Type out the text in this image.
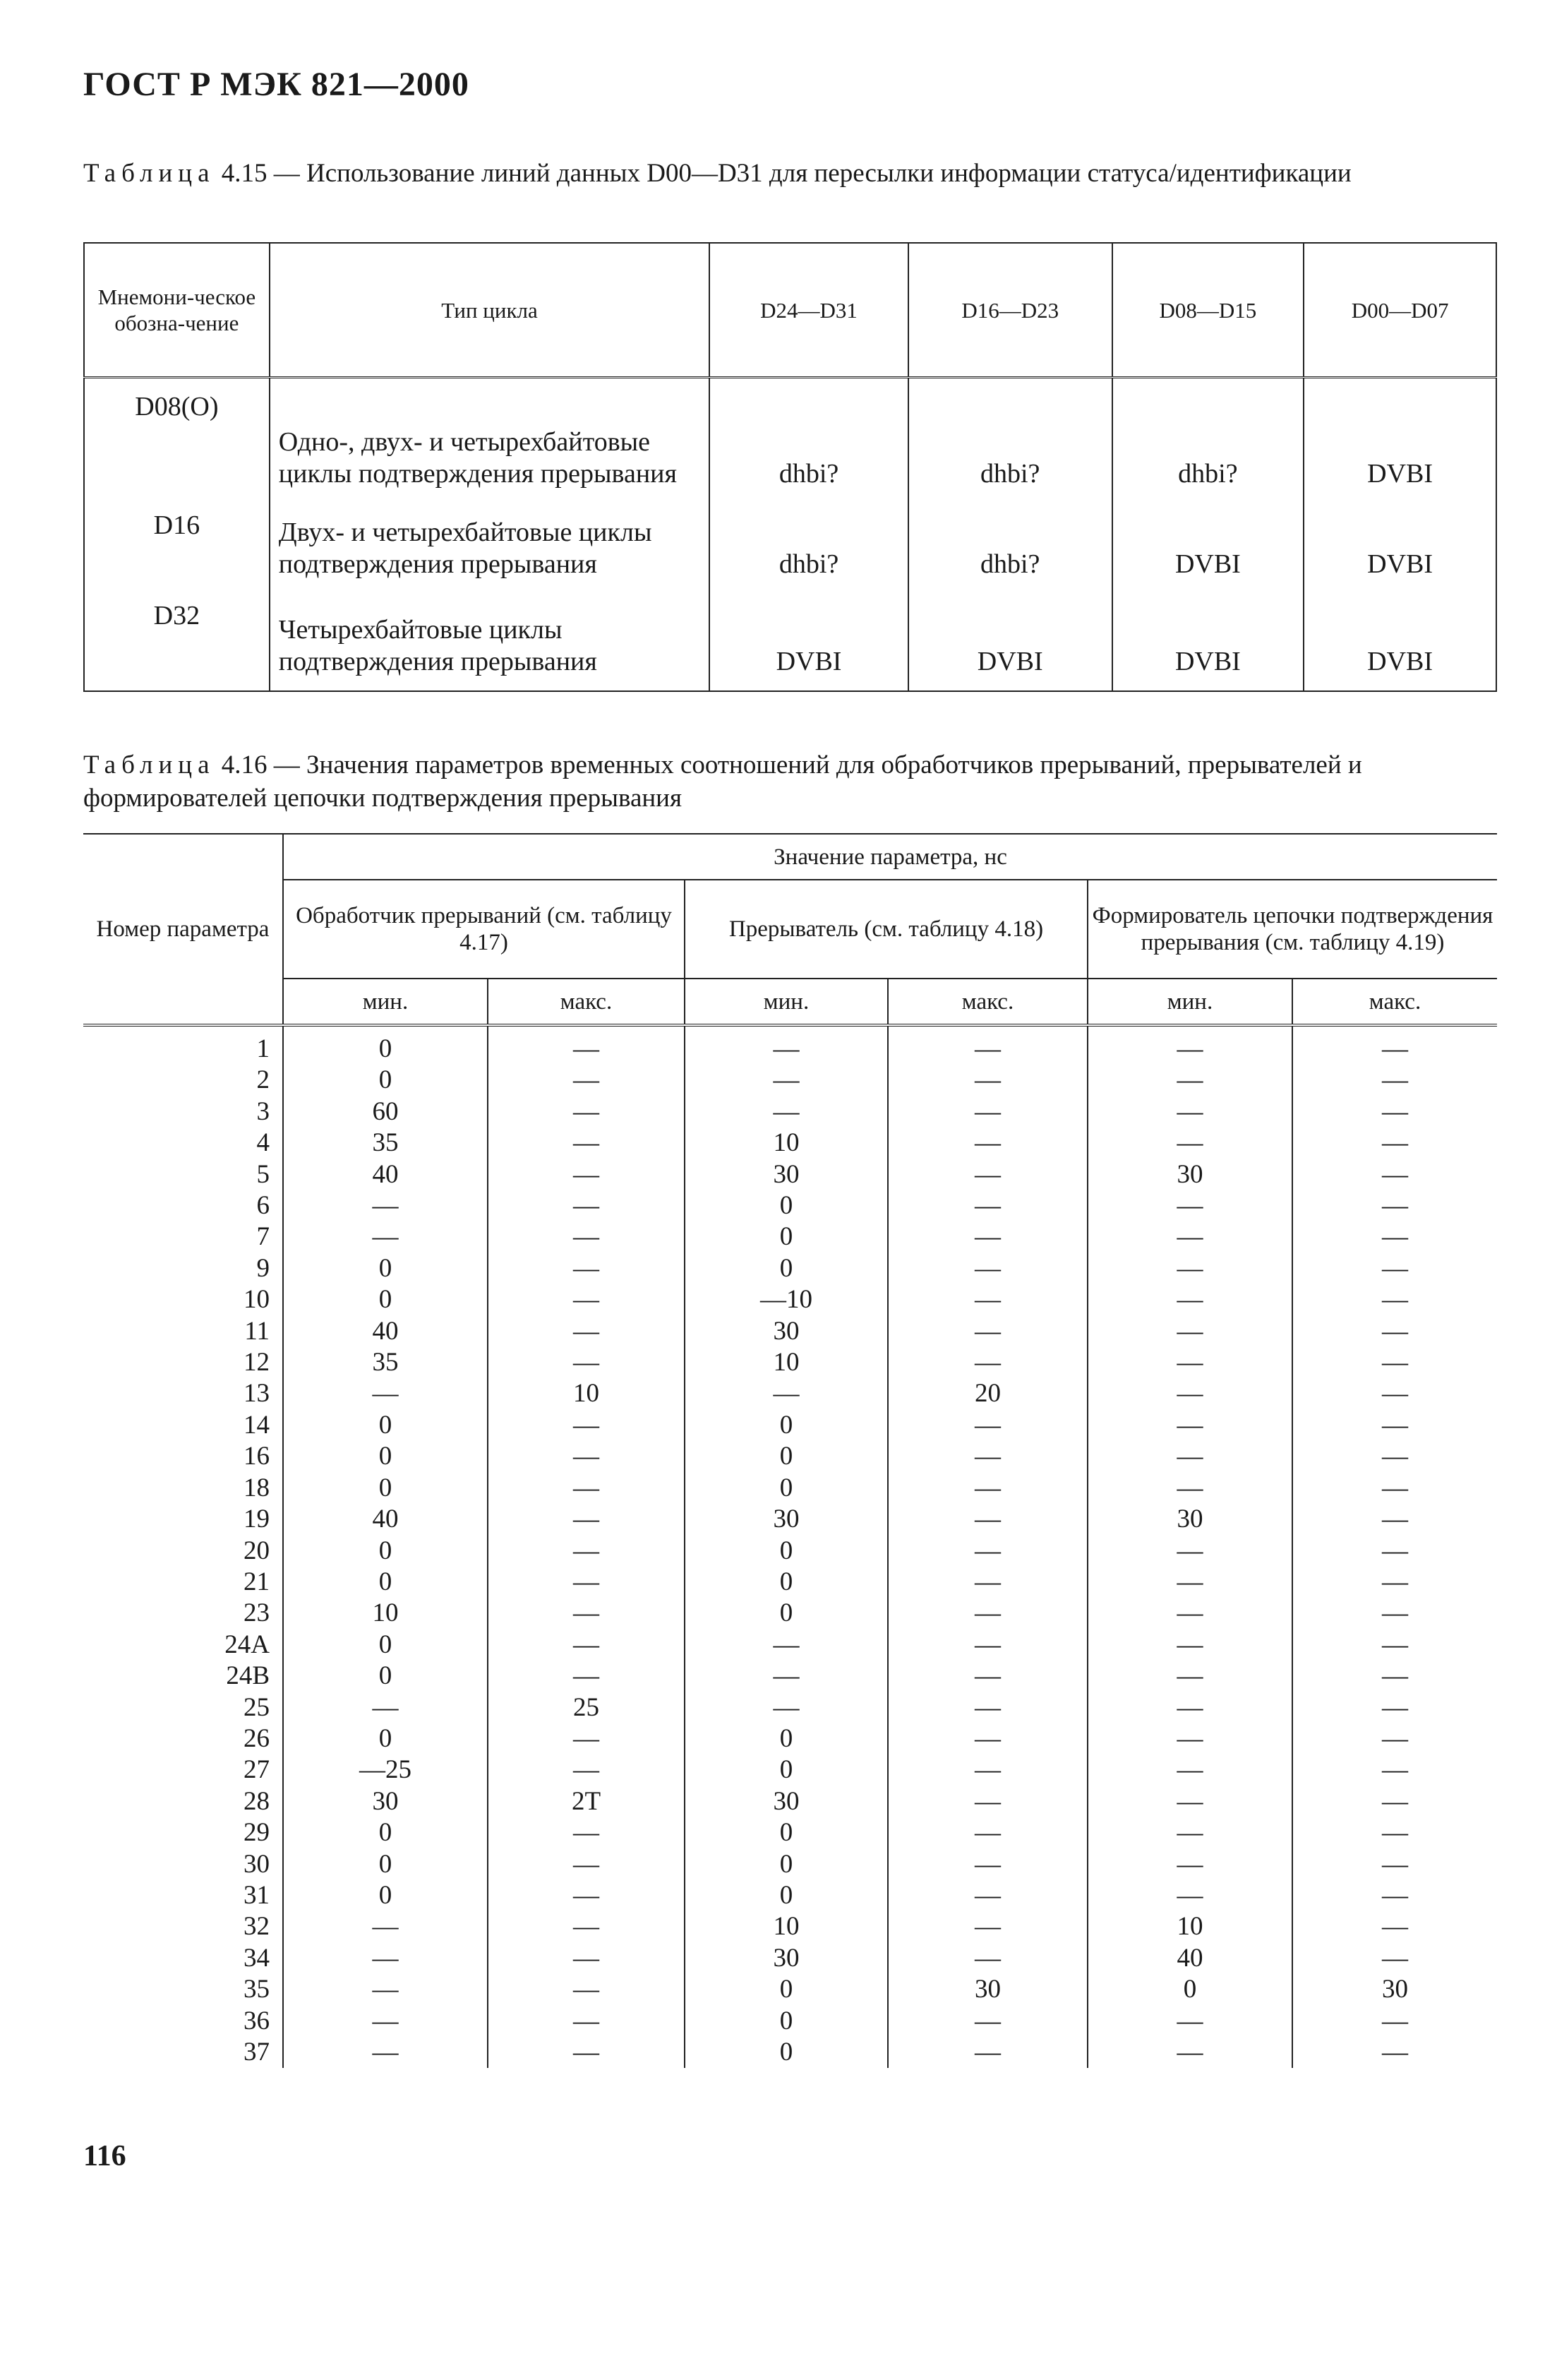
ГОСТ Р МЭК 821—2000
Таблица 4.15 — Использование линий данных D00—D31 для пересылки информации статуса/идентификации
Мнемони-ческое обозна-чение	Тип цикла	D24—D31	D16—D23	D08—D15	D00—D07

D08(O)	Одно-, двух- и четырехбайтовые циклы подтверждения прерывания	dhbi?	dhbi?	dhbi?	DVBI
D16	Двух- и четырехбайтовые циклы подтверждения прерывания	dhbi?	dhbi?	DVBI	DVBI
D32	Четырехбайтовые циклы подтверждения прерывания	DVBI	DVBI	DVBI	DVBI
Таблица 4.16 — Значения параметров временных соотношений для обработчиков прерываний, прерывателей и формирователей цепочки подтверждения прерывания
Номер параметра	Значение параметра, нс					
	Обработчик прерываний (см. таблицу 4.17)		Прерыватель (см. таблицу 4.18)		Формирователь цепочки подтверждения прерывания (см. таблицу 4.19)	
	мин.	макс.	мин.	макс.	мин.	макс.

1	0	—	—	—	—	—
2	0	—	—	—	—	—
3	60	—	—	—	—	—
4	35	—	10	—	—	—
5	40	—	30	—	30	—
6	—	—	0	—	—	—
7	—	—	0	—	—	—
9	0	—	0	—	—	—
10	0	—	—10	—	—	—
11	40	—	30	—	—	—
12	35	—	10	—	—	—
13	—	10	—	20	—	—
14	0	—	0	—	—	—
16	0	—	0	—	—	—
18	0	—	0	—	—	—
19	40	—	30	—	30	—
20	0	—	0	—	—	—
21	0	—	0	—	—	—
23	10	—	0	—	—	—
24A	0	—	—	—	—	—
24B	0	—	—	—	—	—
25	—	25	—	—	—	—
26	0	—	0	—	—	—
27	—25	—	0	—	—	—
28	30	2T	30	—	—	—
29	0	—	0	—	—	—
30	0	—	0	—	—	—
31	0	—	0	—	—	—
32	—	—	10	—	10	—
34	—	—	30	—	40	—
35	—	—	0	30	0	30
36	—	—	0	—	—	—
37	—	—	0	—	—	—
116
